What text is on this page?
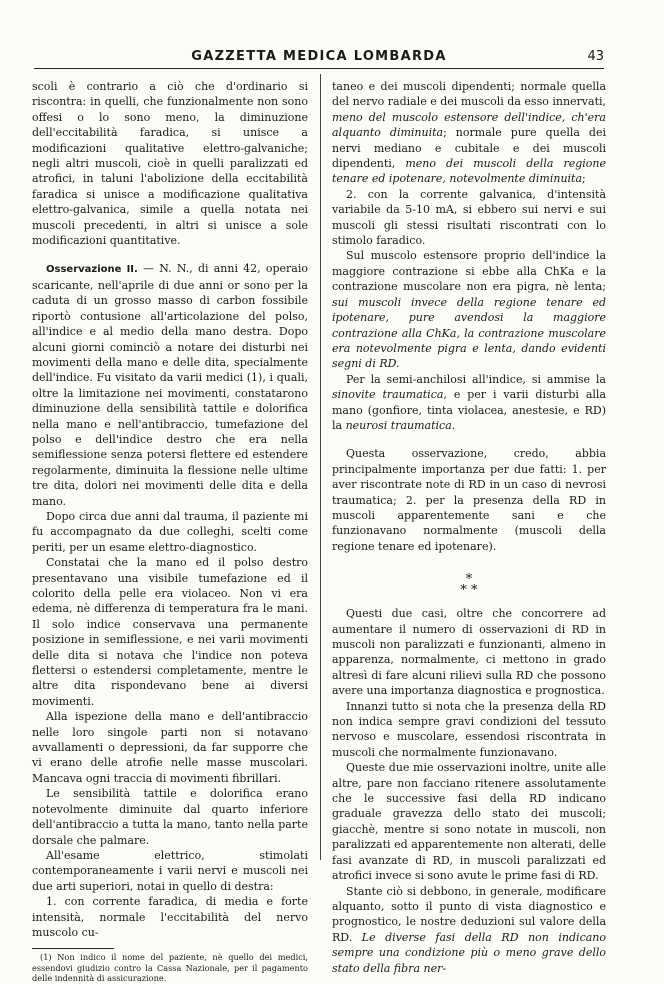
GAZZETTA MEDICA LOMBARDA	43

scoli è contrario a ciò che d'ordinario si riscontra: in quelli, che funzionalmente non sono offesi o lo sono meno, la diminuzione dell'eccitabilità faradica, si unisce a modificazioni qualitative elettro-galvaniche; negli altri muscoli, cioè in quelli paralizzati ed atrofici, in taluni l'abolizione della eccitabilità faradica si unisce a modificazione qualitativa elettro-galvanica, simile a quella notata nei muscoli precedenti, in altri si unisce a sole modificazioni quantitative.

Osservazione II. — N. N., di anni 42, operaio scaricante, nell'aprile di due anni or sono per la caduta di un grosso masso di carbon fossibile riportò contusione all'articolazione del polso, all'indice e al medio della mano destra. Dopo alcuni giorni cominciò a notare dei disturbi nei movimenti della mano e delle dita, specialmente dell'indice. Fu visitato da varii medici (1), i quali, oltre la limitazione nei movimenti, constatarono diminuzione della sensibilità tattile e dolorifica nella mano e nell'antibraccio, tumefazione del polso e dell'indice destro che era nella semiflessione senza potersi flettere ed estendere regolarmente, diminuita la flessione nelle ultime tre dita, dolori nei movimenti delle dita e della mano.

Dopo circa due anni dal trauma, il paziente mi fu accompagnato da due colleghi, scelti come periti, per un esame elettro-diagnostico.

Constatai che la mano ed il polso destro presentavano una visibile tumefazione ed il colorito della pelle era violaceo. Non vi era edema, nè differenza di temperatura fra le mani. Il solo indice conservava una permanente posizione in semiflessione, e nei varii movimenti delle dita si notava che l'indice non poteva flettersi o estendersi completamente, mentre le altre dita rispondevano bene ai diversi movimenti.

Alla ispezione della mano e dell'antibraccio nelle loro singole parti non si notavano avvallamenti o depressioni, da far supporre che vi erano delle atrofie nelle masse muscolari. Mancava ogni traccia di movimenti fibrillari.

Le sensibilità tattile e dolorifica erano notevolmente diminuite dal quarto inferiore dell'antibraccio a tutta la mano, tanto nella parte dorsale che palmare.

All'esame elettrico, stimolati contemporaneamente i varii nervi e muscoli nei due arti superiori, notai in quello di destra:

1. con corrente faradica, di media e forte intensità, normale l'eccitabilità del nervo muscolo cu-

(1) Non indico il nome del paziente, nè quello dei medici, essendovi giudizio contro la Cassa Nazionale, per il pagamento delle indennità di assicurazione.

taneo e dei muscoli dipendenti; normale quella del nervo radiale e dei muscoli da esso innervati, meno del muscolo estensore dell'indice, ch'era alquanto diminuita; normale pure quella dei nervi mediano e cubitale e dei muscoli dipendenti, meno dei muscoli della regione tenare ed ipotenare, notevolmente diminuita;

2. con la corrente galvanica, d'intensità variabile da 5-10 mA, si ebbero sui nervi e sui muscoli gli stessi risultati riscontrati con lo stimolo faradico.

Sul muscolo estensore proprio dell'indice la maggiore contrazione si ebbe alla ChKa e la contrazione muscolare non era pigra, nè lenta; sui muscoli invece della regione tenare ed ipotenare, pure avendosi la maggiore contrazione alla ChKa, la contrazione muscolare era notevolmente pigra e lenta, dando evidenti segni di RD.

Per la semi-anchilosi all'indice, si ammise la sinovite traumatica, e per i varii disturbi alla mano (gonfiore, tinta violacea, anestesie, e RD) la neurosi traumatica.

Questa osservazione, credo, abbia principalmente importanza per due fatti: 1. per aver riscontrate note di RD in un caso di nevrosi traumatica; 2. per la presenza della RD in muscoli apparentemente sani e che funzionavano normalmente (muscoli della regione tenare ed ipotenare).

*
* *

Questi due casi, oltre che concorrere ad aumentare il numero di osservazioni di RD in muscoli non paralizzati e funzionanti, almeno in apparenza, normalmente, ci mettono in grado altresì di fare alcuni rilievi sulla RD che possono avere una importanza diagnostica e prognostica.

Innanzi tutto si nota che la presenza della RD non indica sempre gravi condizioni del tessuto nervoso e muscolare, essendosi riscontrata in muscoli che normalmente funzionavano.

Queste due mie osservazioni inoltre, unite alle altre, pare non facciano ritenere assolutamente che le successive fasi della RD indicano graduale gravezza dello stato dei muscoli; giacchè, mentre si sono notate in muscoli, non paralizzati ed apparentemente non alterati, delle fasi avanzate di RD, in muscoli paralizzati ed atrofici invece si sono avute le prime fasi di RD.

Stante ciò si debbono, in generale, modificare alquanto, sotto il punto di vista diagnostico e prognostico, le nostre deduzioni sul valore della RD. Le diverse fasi della RD non indicano sempre una condizione più o meno grave dello stato della fibra ner-
